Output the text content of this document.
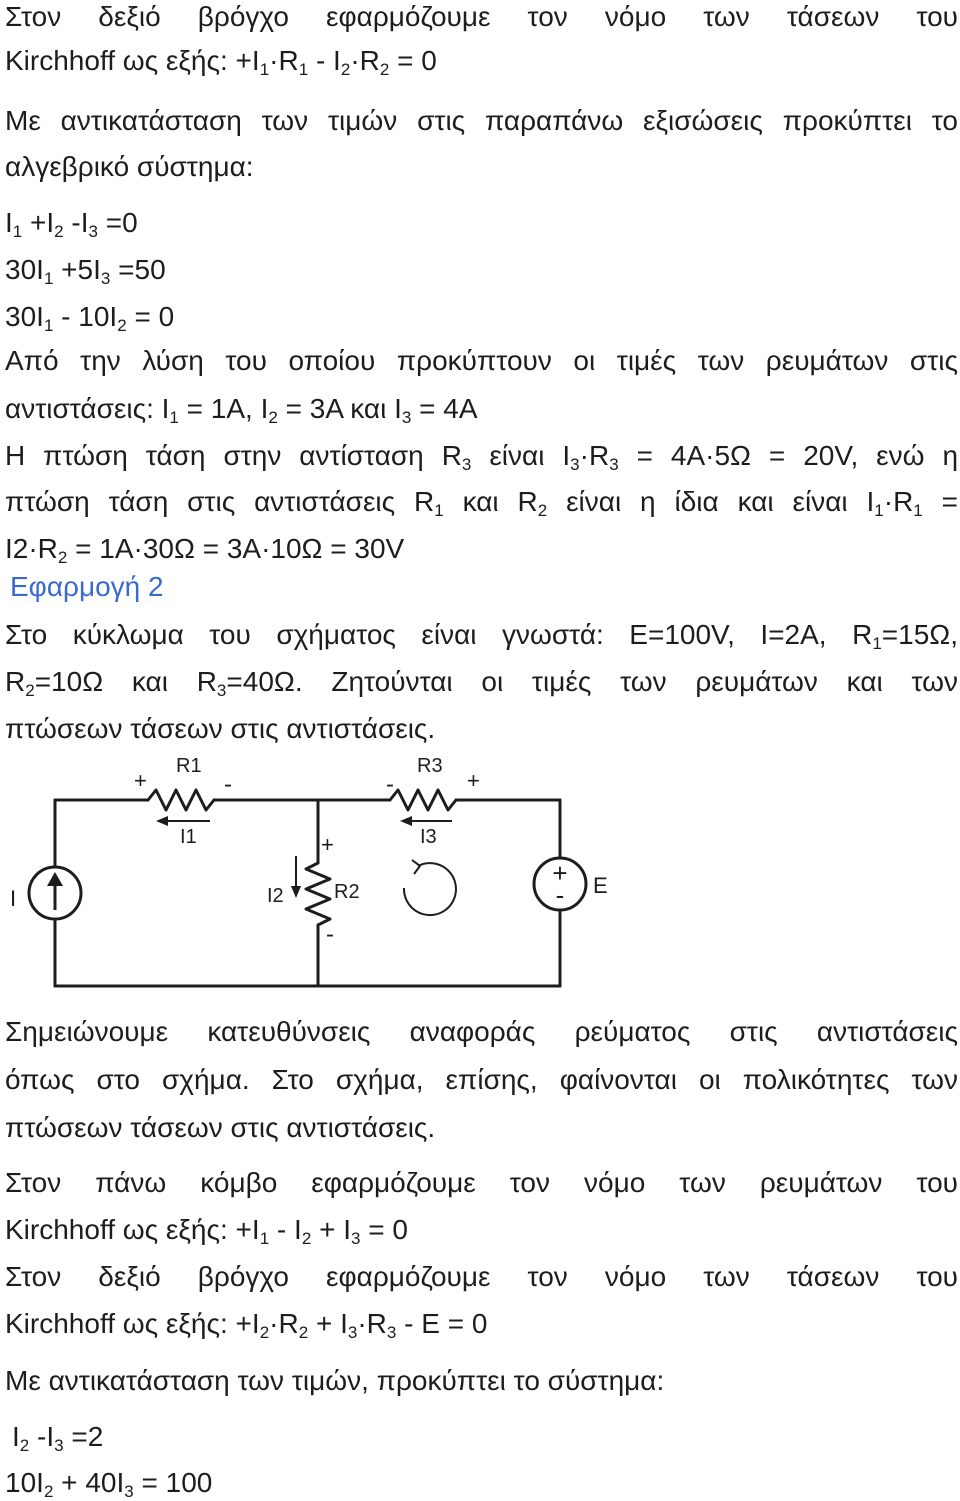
Στον δεξιό βρόγχο εφαρμόζουμε τον νόμο των τάσεων του
Kirchhoff ως εξής: $+I_1\cdot R_1 - I_2\cdot R_2 = 0$
Με αντικατάσταση των τιμών στις παραπάνω εξισώσεις προκύπτει το
αλγεβρικό σύστημα:
$I_1 +I_2$ $-I_3 =0$
$30I_1 +5I_3 =50$
$30I_1 - 10I_2 = 0$
Από την λύση του οποίου προκύπτουν οι τιμές των ρευμάτων στις
αντιστάσεις: $I_1 = 1A$, $I_2 = 3A$ και $I_3 = 4A$
Η πτώση τάση στην αντίσταση $R_3$ είναι $I_3\cdot R_3 = 4A\cdot 5\Omega = 20V$, ενώ η
πτώση τάση στις αντιστάσεις $R_1$ και $R_2$ είναι η ίδια και είναι $I_1\cdot R_1$ =
$I2\cdot R_2 = 1A\cdot 30\Omega = 3A\cdot 10\Omega = 30V$
Εφαρμογή 2
Στο κύκλωμα του σχήματος είναι γνωστά: E=100V, I=2A, $R_1=15\Omega$,
$R_2=10\Omega$ και $R_3=40\Omega$. Ζητούνται οι τιμές των ρευμάτων και των
πτώσεων τάσεων στις αντιστάσεις.
+
-
R1	R3
R2
I1	I3
I2
I
E
+	-	-	+
+
-
Σημειώνουμε κατευθύνσεις αναφοράς ρεύματος στις αντιστάσεις
όπως στο σχήμα. Στο σχήμα, επίσης, φαίνονται οι πολικότητες των
πτώσεων τάσεων στις αντιστάσεις.
Στον πάνω κόμβο εφαρμόζουμε τον νόμο των ρευμάτων του
Kirchhoff ως εξής: $+I_1 - I_2 + I_3 = 0$
Στον δεξιό βρόγχο εφαρμόζουμε τον νόμο των τάσεων του
Kirchhoff ως εξής: $+I_2\cdot R_2 + I_3\cdot R_3 - E = 0$
Με αντικατάσταση των τιμών, προκύπτει το σύστημα:
$I_2$ $-I_3 =2$
$10I_2 + 40I_3 = 100$
